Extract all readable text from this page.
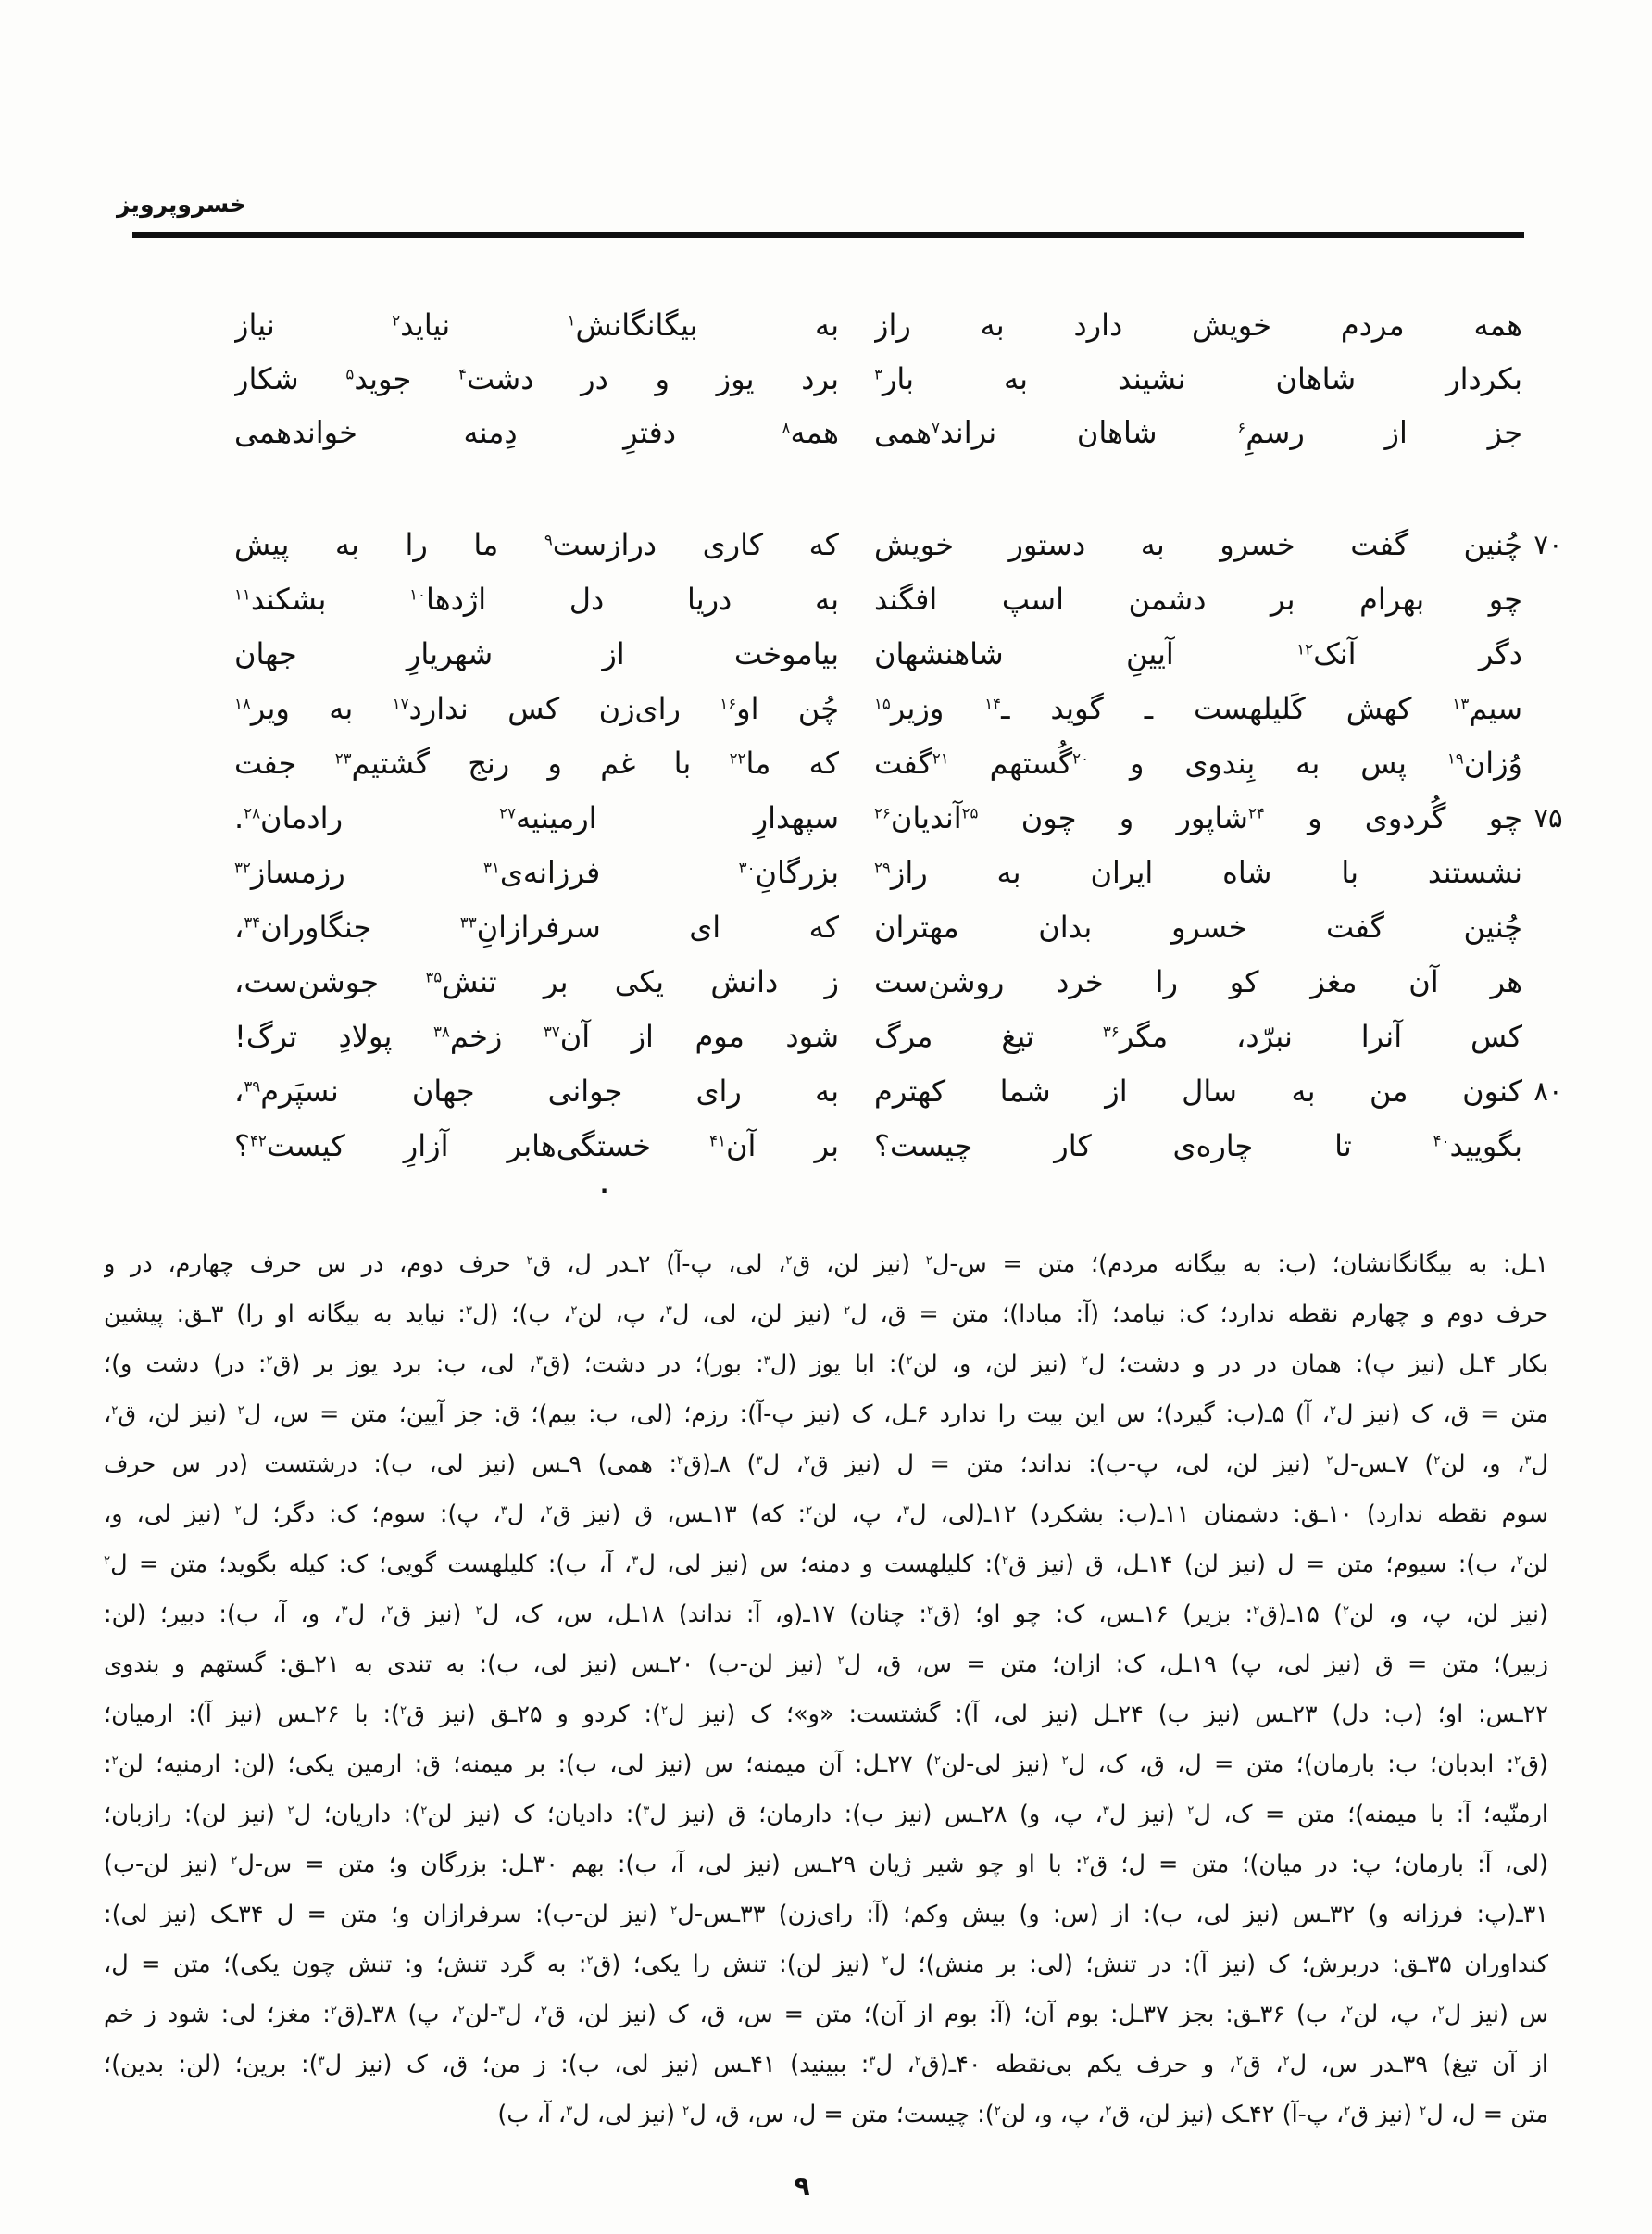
خسروپرویز
همه مردم خویش دارد به راز
به بیگانگانش$^۱$ نیاید$^۲$ نیاز
بکردار شاهان نشیند به بار$^۳$
برد یوز و در دشت$^۴$ جوید$^۵$ شکار
جز از رسمِ$^۶$ شاهان نراند$^۷$همی
همه$^۸$ دفترِ دِمنه خواندهمی
۷۰
چُنین گفت خسرو به دستور خویش
که کاری درازست$^۹$ ما را به پیش
چو بهرام بر دشمن اسپ افگند
به دریا دل اژدها$^{۱۰}$ بشکند$^{۱۱}$
دگر آنک$^{۱۲}$ آیینِ شاهنشهان
بیاموخت از شهریارِ جهان
سیم$^{۱۳}$ کهش کَلیلهست ـ گوید ـ$^{۱۴}$ وزیر$^{۱۵}$
چُن او$^{۱۶}$ رای‌زن کس ندارد$^{۱۷}$ به ویر$^{۱۸}$
وُزان$^{۱۹}$ پس به بِندوی و $^{۲۰}$گُستهم $^{۲۱}$گفت
که ما$^{۲۲}$ با غم و رنج گشتیم$^{۲۳}$ جفت
۷۵
چو گُردوی و $^{۲۴}$شاپور و چون $^{۲۵}$آندیان$^{۲۶}$
سپهدارِ ارمینیه$^{۲۷}$ رادمان$^{۲۸}$.
نشستند با شاه ایران به راز$^{۲۹}$
بزرگانِ$^{۳۰}$ فرزانه‌ی$^{۳۱}$ رزمساز$^{۳۲}$
چُنین گفت خسرو بدان مهتران
که ای سرفرازانِ$^{۳۳}$ جنگاوران$^{۳۴}$،
هر آن مغز کو را خرد روشن‌ست
ز دانش یکی بر تنش$^{۳۵}$ جوشن‌ست،
کس آنرا نبرّد، مگر$^{۳۶}$ تیغ مرگ
شود موم از آن$^{۳۷}$ زخم$^{۳۸}$ پولادِ ترگ!
۸۰
کنون من به سال از شما کهترم
به رای جوانی جهان نسپَرم$^{۳۹}$،
بگویید$^{۴۰}$ تا چاره‌ی کار چیست؟
بر آن$^{۴۱}$ خستگی‌هابر آزارِ کیست$^{۴۲}$؟
·
۱ـل: به بیگانگانشان؛ (ب: به بیگانه مردم)؛ متن = س-ل$^۲$ (نیز لن، ق$^۲$، لی، پ-آ) ۲ـدر ل، ق$^۲$ حرف دوم، در س حرف چهارم، در و
حرف دوم و چهارم نقطه ندارد؛ ک: نیامد؛ (آ: مبادا)؛ متن = ق، ل$^۲$ (نیز لن، لی، ل$^۳$، پ، لن$^۲$، ب)؛ (ل$^۳$: نیاید به بیگانه او را) ۳ـق: پیشین
بکار ۴ـل (نیز پ): همان در در و دشت؛ ل$^۲$ (نیز لن، و، لن$^۲$): ابا یوز (ل$^۳$: بور)؛ در دشت؛ (ق$^۳$، لی، ب: برد یوز بر (ق$^۲$: در) دشت و)؛
متن = ق، ک (نیز ل$^۲$، آ) ۵ـ(ب: گیرد)؛ س این بیت را ندارد ۶ـل، ک (نیز پ-آ): رزم؛ (لی، ب: بیم)؛ ق: جز آیین؛ متن = س، ل$^۲$ (نیز لن، ق$^۲$،
ل$^۳$، و، لن$^۲$) ۷ـس-ل$^۲$ (نیز لن، لی، پ-ب): نداند؛ متن = ل (نیز ق$^۲$، ل$^۳$) ۸ـ(ق$^۲$: همی) ۹ـس (نیز لی، ب): درشتست (در س حرف
سوم نقطه ندارد) ۱۰ـق: دشمنان ۱۱ـ(ب: بشکرد) ۱۲ـ(لی، ل$^۳$، پ، لن$^۲$: که) ۱۳ـس، ق (نیز ق$^۲$، ل$^۳$، پ): سوم؛ ک: دگر؛ ل$^۲$ (نیز لی، و،
لن$^۲$، ب): سیوم؛ متن = ل (نیز لن) ۱۴ـل، ق (نیز ق$^۲$): کلیلهست و دمنه؛ س (نیز لی، ل$^۳$، آ، ب): کلیلهست گویی؛ ک: کیله بگوید؛ متن = ل$^۲$
(نیز لن، پ، و، لن$^۲$) ۱۵ـ(ق$^۲$: بزیر) ۱۶ـس، ک: چو او؛ (ق$^۲$: چنان) ۱۷ـ(و، آ: نداند) ۱۸ـل، س، ک، ل$^۲$ (نیز ق$^۲$، ل$^۳$، و، آ، ب): دبیر؛ (لن:
زبیر)؛ متن = ق (نیز لی، پ) ۱۹ـل، ک: ازان؛ متن = س، ق، ل$^۲$ (نیز لن-ب) ۲۰ـس (نیز لی، ب): به تندی به ۲۱ـق: گستهم و بندوی
۲۲ـس: او؛ (ب: دل) ۲۳ـس (نیز ب) ۲۴ـل (نیز لی، آ): گشتست: «و»؛ ک (نیز ل$^۲$): کردو و ۲۵ـق (نیز ق$^۲$): با ۲۶ـس (نیز آ): ارمیان؛
(ق$^۲$: ابدبان؛ ب: بارمان)؛ متن = ل، ق، ک، ل$^۲$ (نیز لی-لن$^۲$) ۲۷ـل: آن میمنه؛ س (نیز لی، ب): بر میمنه؛ ق: ارمین یکی؛ (لن: ارمنیه؛ لن$^۲$:
ارمنّیه؛ آ: با میمنه)؛ متن = ک، ل$^۲$ (نیز ل$^۳$، پ، و) ۲۸ـس (نیز ب): دارمان؛ ق (نیز ل$^۳$): دادیان؛ ک (نیز لن$^۲$): داریان؛ ل$^۲$ (نیز لن): رازبان؛
(لی، آ: بارمان؛ پ: در میان)؛ متن = ل؛ ق$^۲$: با او چو شیر ژیان ۲۹ـس (نیز لی، آ، ب): بهم ۳۰ـل: بزرگان و؛ متن = س-ل$^۲$ (نیز لن-ب)
۳۱ـ(پ: فرزانه و) ۳۲ـس (نیز لی، ب): از (س: و) بیش وکم؛ (آ: رای‌زن) ۳۳ـس-ل$^۲$ (نیز لن-ب): سرفرازان و؛ متن = ل ۳۴ـک (نیز لی):
کنداوران ۳۵ـق: دربرش؛ ک (نیز آ): در تنش؛ (لی: بر منش)؛ ل$^۲$ (نیز لن): تنش را یکی؛ (ق$^۲$: به گرد تنش؛ و: تنش چون یکی)؛ متن = ل،
س (نیز ل$^۲$، پ، لن$^۲$، ب) ۳۶ـق: بجز ۳۷ـل: بوم آن؛ (آ: بوم از آن)؛ متن = س، ق، ک (نیز لن، ق$^۲$، ل$^۳$-لن$^۲$، پ) ۳۸ـ(ق$^۲$: مغز؛ لی: شود ز خم
از آن تیغ) ۳۹ـدر س، ل$^۲$، ق$^۲$، و حرف یکم بی‌نقطه ۴۰ـ(ق$^۲$، ل$^۳$: ببینید) ۴۱ـس (نیز لی، ب): ز من؛ ق، ک (نیز ل$^۳$): برین؛ (لن: بدین)؛
متن = ل، ل$^۲$ (نیز ق$^۲$، پ-آ) ۴۲ـک (نیز لن، ق$^۲$، پ، و، لن$^۲$): چیست؛ متن = ل، س، ق، ل$^۲$ (نیز لی، ل$^۳$، آ، ب)
۹
